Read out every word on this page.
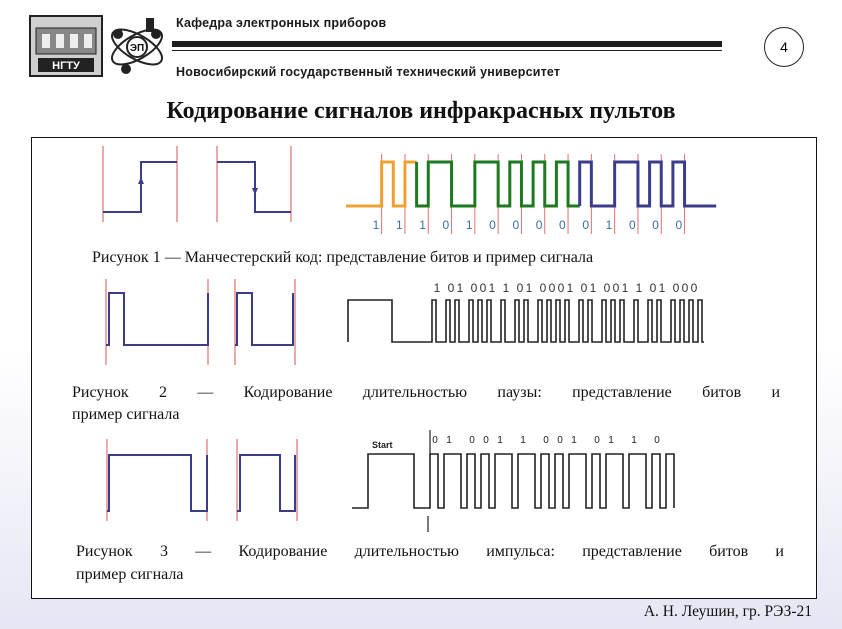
НГТУ
ЭП
Кафедра электронных приборов
Новосибирский государственный технический университет
4
Кодирование сигналов инфракрасных пультов
1 1 1 0 1 0 0 0 0 0 1 0 0 0
Рисунок 1 — Манчестерский код: представление битов и пример сигнала
1 0 1 0 0 1 1 0 1 0 0 0 1 0 1 0 0 1 1 0 1 0 0 0
Рисунок 2 — Кодирование длительностью паузы: представление битов и
пример сигнала
Start	0 1 0 0 1 1 0 0 1 0 1 1 0
Рисунок 3 — Кодирование длительностью импульса: представление битов и
пример сигнала
А. Н. Леушин, гр. РЭЗ-21
